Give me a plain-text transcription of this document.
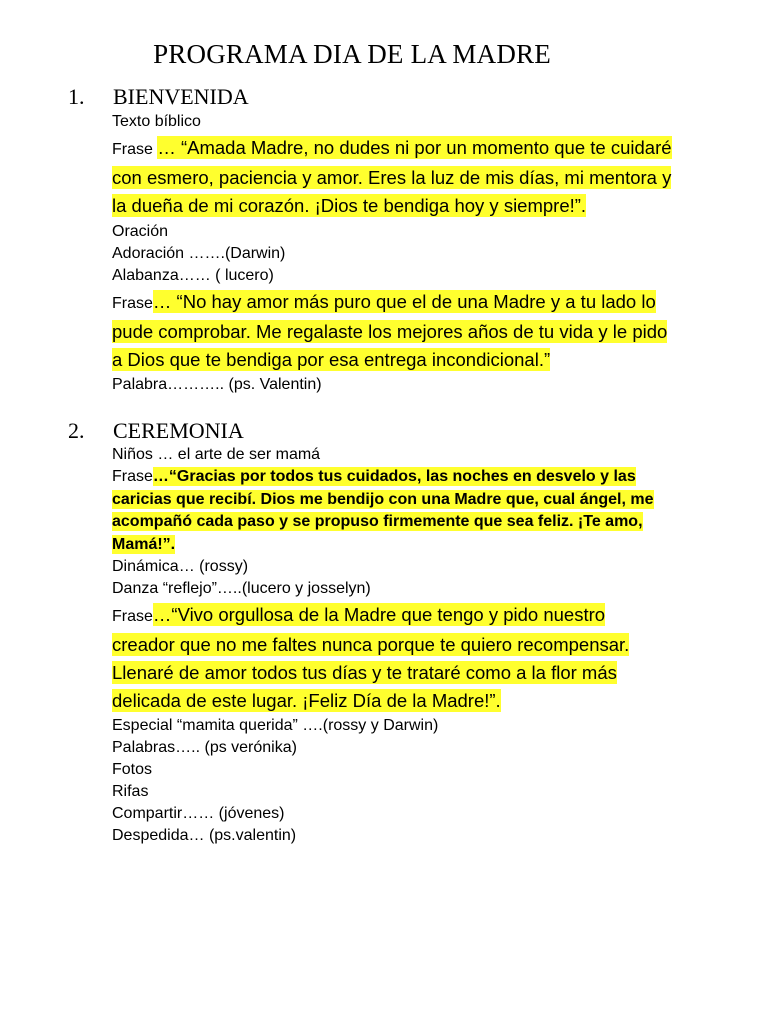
PROGRAMA DIA DE LA MADRE
1. BIENVENIDA
Texto bíblico
Frase … “Amada Madre, no dudes ni por un momento que te cuidaré con esmero, paciencia y amor. Eres la luz de mis días, mi mentora y la dueña de mi corazón. ¡Dios te bendiga hoy y siempre!”.
Oración
Adoración …….(Darwin)
Alabanza…… ( lucero)
Frase… “No hay amor más puro que el de una Madre y a tu lado lo pude comprobar. Me regalaste los mejores años de tu vida y le pido a Dios que te bendiga por esa entrega incondicional.”
Palabra……….. (ps. Valentin)
2. CEREMONIA
Niños … el arte de ser mamá
Frase…“Gracias por todos tus cuidados, las noches en desvelo y las caricias que recibí. Dios me bendijo con una Madre que, cual ángel, me acompañó cada paso y se propuso firmemente que sea feliz. ¡Te amo, Mamá!”.
Dinámica… (rossy)
Danza “reflejo”…..(lucero y josselyn)
Frase…“Vivo orgullosa de la Madre que tengo y pido nuestro creador que no me faltes nunca porque te quiero recompensar. Llenaré de amor todos tus días y te trataré como a la flor más delicada de este lugar. ¡Feliz Día de la Madre!”.
Especial “mamita querida” ….(rossy y Darwin)
Palabras….. (ps verónika)
Fotos
Rifas
Compartir…… (jóvenes)
Despedida… (ps.valentin)
